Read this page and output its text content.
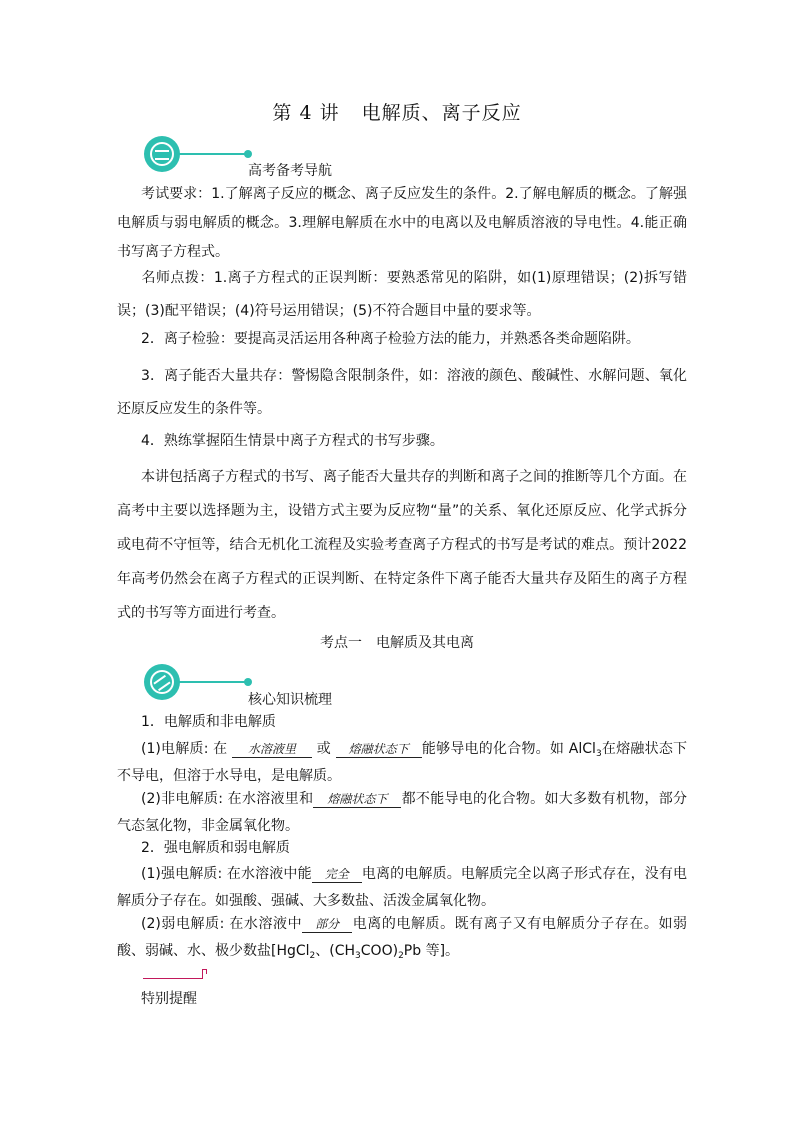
第 4 讲 电解质、离子反应
高考备考导航

考试要求：1.了解离子反应的概念、离子反应发生的条件。2.了解电解质的概念。了解强电解质与弱电解质的概念。3.理解电解质在水中的电离以及电解质溶液的导电性。4.能正确书写离子方程式。

名师点拨：1.离子方程式的正误判断：要熟悉常见的陷阱，如(1)原理错误；(2)拆写错误；(3)配平错误；(4)符号运用错误；(5)不符合题目中量的要求等。

2．离子检验：要提高灵活运用各种离子检验方法的能力，并熟悉各类命题陷阱。

3．离子能否大量共存：警惕隐含限制条件，如：溶液的颜色、酸碱性、水解问题、氧化还原反应发生的条件等。

4．熟练掌握陌生情景中离子方程式的书写步骤。

本讲包括离子方程式的书写、离子能否大量共存的判断和离子之间的推断等几个方面。在高考中主要以选择题为主，设错方式主要为反应物“量”的关系、氧化还原反应、化学式拆分或电荷不守恒等，结合无机化工流程及实验考查离子方程式的书写是考试的难点。预计2022 年高考仍然会在离子方程式的正误判断、在特定条件下离子能否大量共存及陌生的离子方程式的书写等方面进行考查。

考点一　电解质及其电离
核心知识梳理

1．电解质和非电解质

(1)电解质: 在 水溶液里 或 熔融状态下 能够导电的化合物。如 AlCl$_3$在熔融状态下不导电，但溶于水导电，是电解质。

(2)非电解质: 在水溶液里和 熔融状态下 都不能导电的化合物。如大多数有机物，部分气态氢化物，非金属氧化物。

2．强电解质和弱电解质

(1)强电解质: 在水溶液中能 完全 电离的电解质。电解质完全以离子形式存在，没有电解质分子存在。如强酸、强碱、大多数盐、活泼金属氧化物。

(2)弱电解质: 在水溶液中 部分 电离的电解质。既有离子又有电解质分子存在。如弱酸、弱碱、水、极少数盐[HgCl$_2$、$(CH_3COO)_2Pb$ 等]。

特别提醒
